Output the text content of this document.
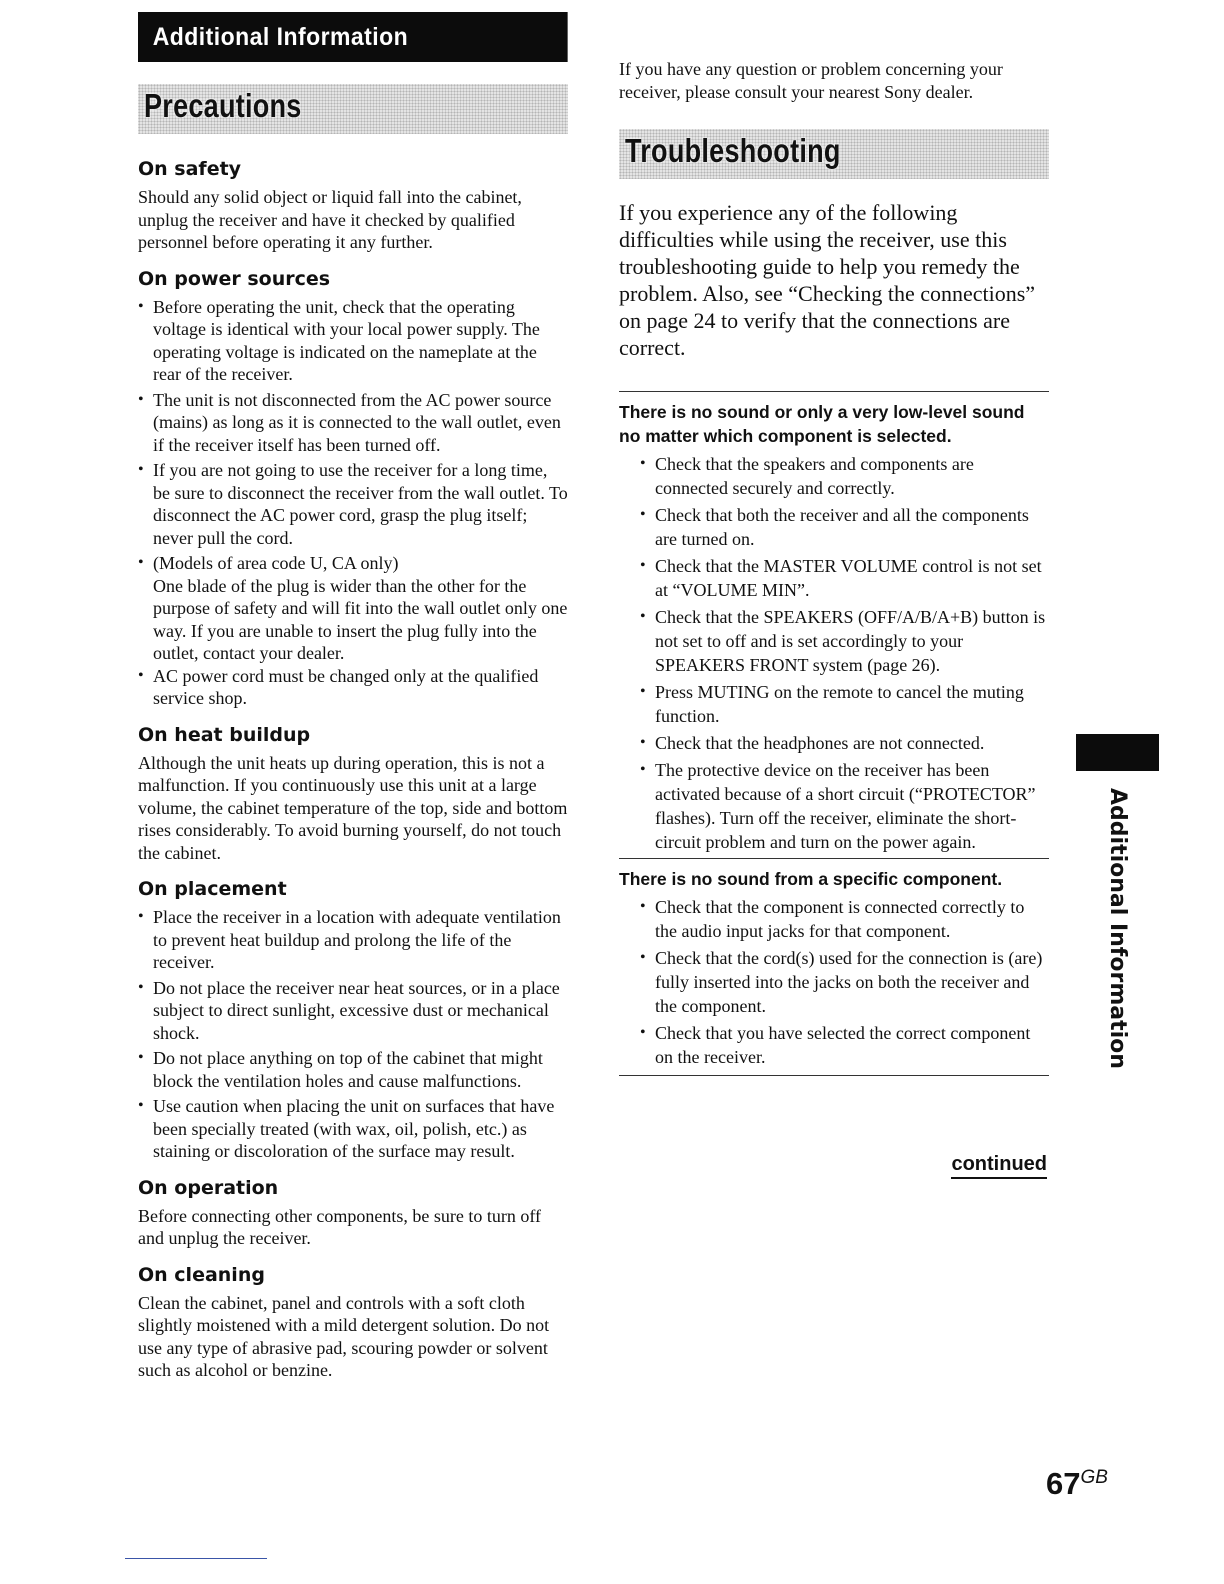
Additional Information
Precautions
On safety

Should any solid object or liquid fall into the cabinet, unplug the receiver and have it checked by qualified personnel before operating it any further.

On power sources
• Before operating the unit, check that the operating voltage is identical with your local power supply. The operating voltage is indicated on the nameplate at the rear of the receiver.
• The unit is not disconnected from the AC power source (mains) as long as it is connected to the wall outlet, even if the receiver itself has been turned off.
• If you are not going to use the receiver for a long time, be sure to disconnect the receiver from the wall outlet. To disconnect the AC power cord, grasp the plug itself; never pull the cord.
• (Models of area code U, CA only)
One blade of the plug is wider than the other for the purpose of safety and will fit into the wall outlet only one way. If you are unable to insert the plug fully into the outlet, contact your dealer.
• AC power cord must be changed only at the qualified service shop.
On heat buildup

Although the unit heats up during operation, this is not a malfunction. If you continuously use this unit at a large volume, the cabinet temperature of the top, side and bottom rises considerably. To avoid burning yourself, do not touch the cabinet.

On placement
• Place the receiver in a location with adequate ventilation to prevent heat buildup and prolong the life of the receiver.
• Do not place the receiver near heat sources, or in a place subject to direct sunlight, excessive dust or mechanical shock.
• Do not place anything on top of the cabinet that might block the ventilation holes and cause malfunctions.
• Use caution when placing the unit on surfaces that have been specially treated (with wax, oil, polish, etc.) as staining or discoloration of the surface may result.
On operation

Before connecting other components, be sure to turn off and unplug the receiver.

On cleaning

Clean the cabinet, panel and controls with a soft cloth slightly moistened with a mild detergent solution. Do not use any type of abrasive pad, scouring powder or solvent such as alcohol or benzine.

If you have any question or problem concerning your receiver, please consult your nearest Sony dealer.

Troubleshooting

If you experience any of the following difficulties while using the receiver, use this troubleshooting guide to help you remedy the problem. Also, see “Checking the connections” on page 24 to verify that the connections are correct.

There is no sound or only a very low-level sound no matter which component is selected.
• Check that the speakers and components are connected securely and correctly.
• Check that both the receiver and all the components are turned on.
• Check that the MASTER VOLUME control is not set at “VOLUME MIN”.
• Check that the SPEAKERS (OFF/A/B/A+B) button is not set to off and is set accordingly to your SPEAKERS FRONT system (page 26).
• Press MUTING on the remote to cancel the muting function.
• Check that the headphones are not connected.
• The protective device on the receiver has been activated because of a short circuit (“PROTECTOR” flashes). Turn off the receiver, eliminate the short-circuit problem and turn on the power again.
There is no sound from a specific component.
• Check that the component is connected correctly to the audio input jacks for that component.
• Check that the cord(s) used for the connection is (are) fully inserted into the jacks on both the receiver and the component.
• Check that you have selected the correct component on the receiver.
continued
Additional Information
$67^{GB}$
